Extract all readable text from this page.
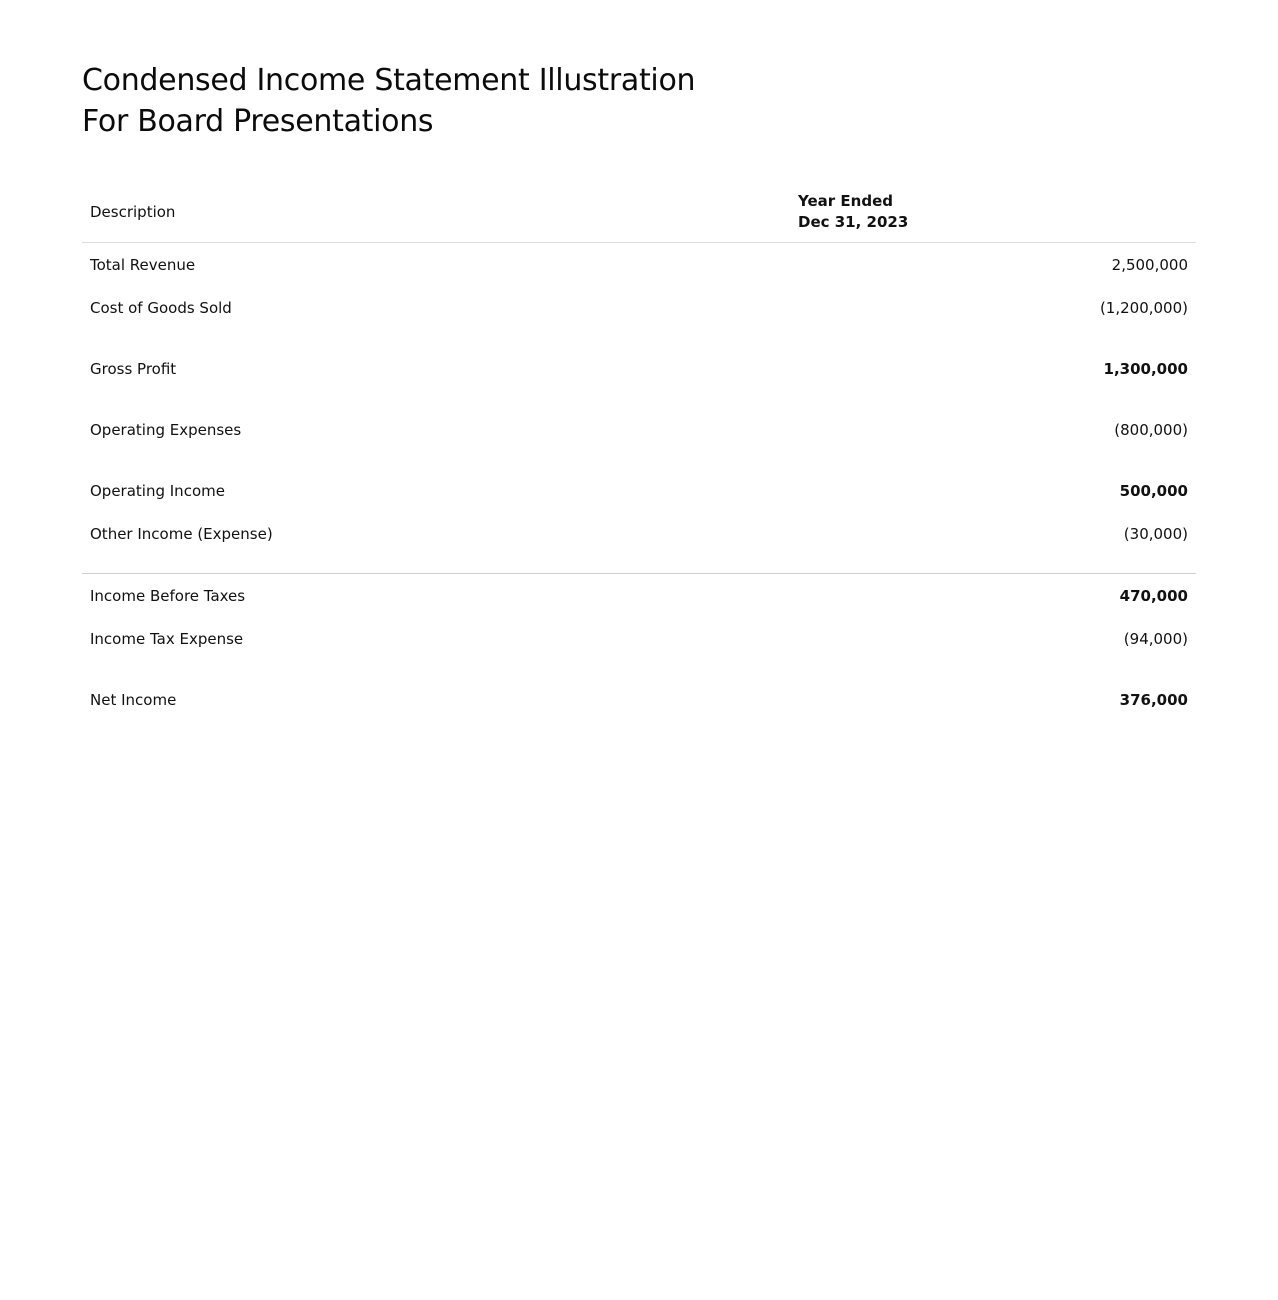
Condensed Income Statement Illustration
For Board Presentations
Description	Year Ended
Dec 31, 2023

Total Revenue	2,500,000
Cost of Goods Sold	(1,200,000)

Gross Profit	1,300,000

Operating Expenses	(800,000)

Operating Income	500,000
Other Income (Expense)	(30,000)

Income Before Taxes	470,000
Income Tax Expense	(94,000)

Net Income	376,000
